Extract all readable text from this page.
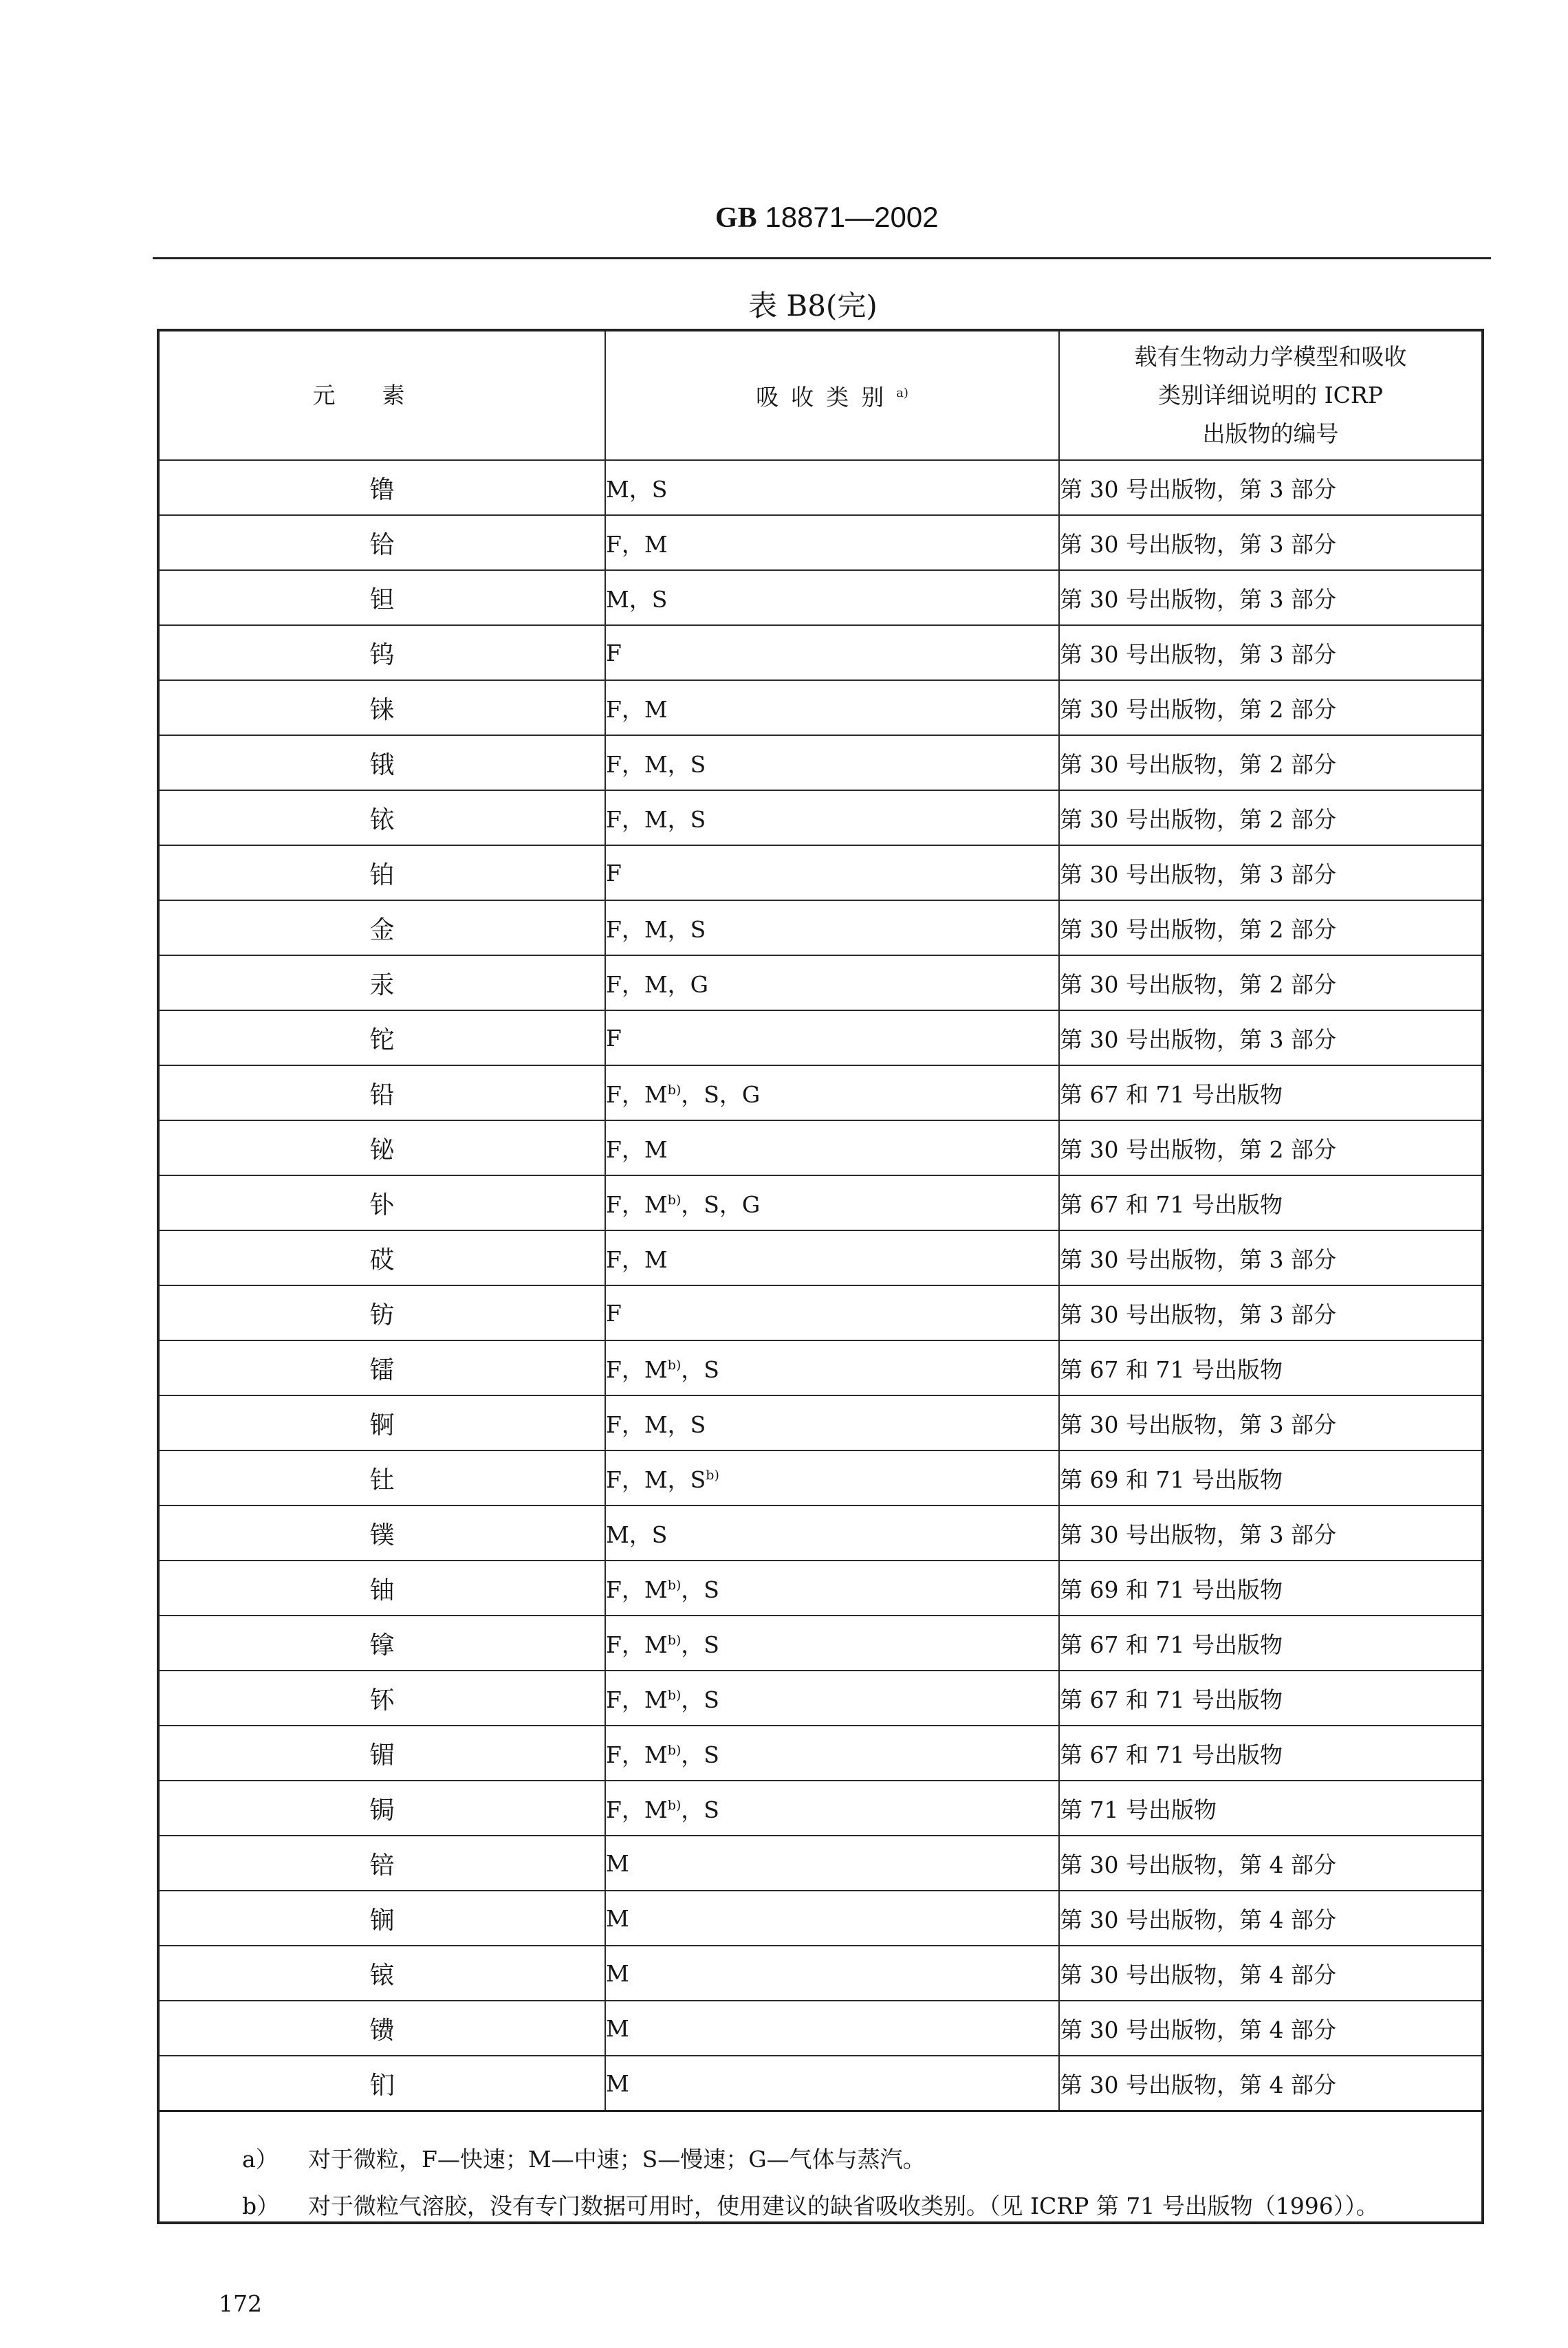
GB 18871—2002
表 B8(完)
元素	吸收类别$^{a)}$	载有生物动力学模型和吸收
类别详细说明的 ICRP
出版物的编号

镥	M，S	第 30 号出版物，第 3 部分
铪	F，M	第 30 号出版物，第 3 部分
钽	M，S	第 30 号出版物，第 3 部分
钨	F	第 30 号出版物，第 3 部分
铼	F，M	第 30 号出版物，第 2 部分
锇	F，M，S	第 30 号出版物，第 2 部分
铱	F，M，S	第 30 号出版物，第 2 部分
铂	F	第 30 号出版物，第 3 部分
金	F，M，S	第 30 号出版物，第 2 部分
汞	F，M，G	第 30 号出版物，第 2 部分
铊	F	第 30 号出版物，第 3 部分
铅	F，$M^{b)}$，S，G	第 67 和 71 号出版物
铋	F，M	第 30 号出版物，第 2 部分
钋	F，$M^{b)}$，S，G	第 67 和 71 号出版物
砹	F，M	第 30 号出版物，第 3 部分
钫	F	第 30 号出版物，第 3 部分
镭	F，$M^{b)}$，S	第 67 和 71 号出版物
锕	F，M，S	第 30 号出版物，第 3 部分
钍	F，M，$S^{b)}$	第 69 和 71 号出版物
镤	M，S	第 30 号出版物，第 3 部分
铀	F，$M^{b)}$，S	第 69 和 71 号出版物
镎	F，$M^{b)}$，S	第 67 和 71 号出版物
钚	F，$M^{b)}$，S	第 67 和 71 号出版物
镅	F，$M^{b)}$，S	第 67 和 71 号出版物
锔	F，$M^{b)}$，S	第 71 号出版物
锫	M	第 30 号出版物，第 4 部分
锎	M	第 30 号出版物，第 4 部分
锿	M	第 30 号出版物，第 4 部分
镄	M	第 30 号出版物，第 4 部分
钔	M	第 30 号出版物，第 4 部分
a） 对于微粒，F—快速；M—中速；S—慢速；G—气体与蒸汽。
b） 对于微粒气溶胶，没有专门数据可用时，使用建议的缺省吸收类别。（见 ICRP 第 71 号出版物（1996））。
172
